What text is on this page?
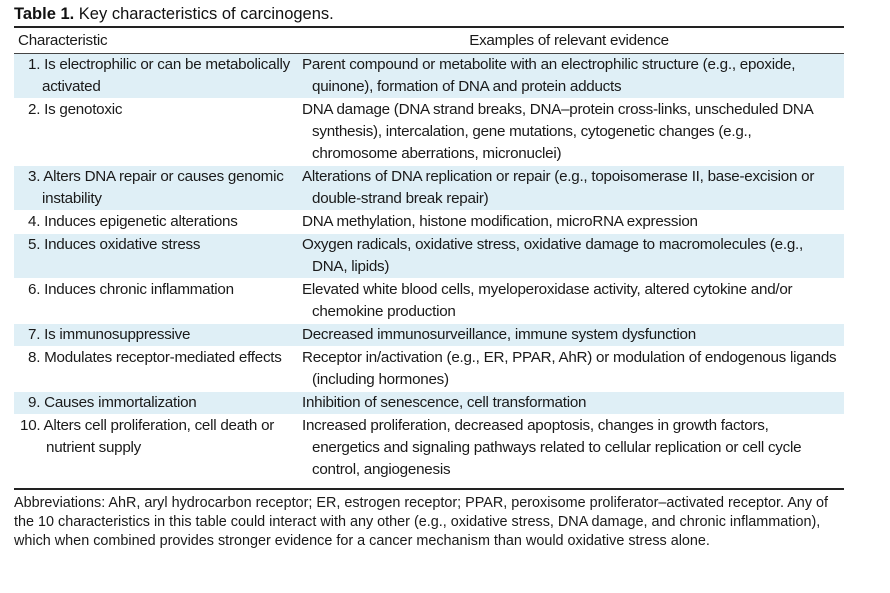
Table 1. Key characteristics of carcinogens.
Characteristic	Examples of relevant evidence

1. Is electrophilic or can be metabolically activated	Parent compound or metabolite with an electrophilic structure (e.g., epoxide, quinone), formation of DNA and protein adducts

2. Is genotoxic	DNA damage (DNA strand breaks, DNA–protein cross-links, unscheduled DNA synthesis), intercalation, gene mutations, cytogenetic changes (e.g., chromosome aberrations, micronuclei)

3. Alters DNA repair or causes genomic instability	Alterations of DNA replication or repair (e.g., topoisomerase II, base-excision or double-strand break repair)

4. Induces epigenetic alterations	DNA methylation, histone modification, microRNA expression

5. Induces oxidative stress	Oxygen radicals, oxidative stress, oxidative damage to macromolecules (e.g., DNA, lipids)

6. Induces chronic inflammation	Elevated white blood cells, myeloperoxidase activity, altered cytokine and/or chemokine production

7. Is immunosuppressive	Decreased immunosurveillance, immune system dysfunction

8. Modulates receptor-mediated effects	Receptor in/activation (e.g., ER, PPAR, AhR) or modulation of endogenous ligands (including hormones)

9. Causes immortalization	Inhibition of senescence, cell transformation

10. Alters cell proliferation, cell death or nutrient supply	Increased proliferation, decreased apoptosis, changes in growth factors, energetics and signaling pathways related to cellular replication or cell cycle control, angiogenesis
Abbreviations: AhR, aryl hydrocarbon receptor; ER, estrogen receptor; PPAR, peroxisome proliferator–activated receptor. Any of the 10 characteristics in this table could interact with any other (e.g., oxidative stress, DNA damage, and chronic inflammation), which when combined provides stronger evidence for a cancer mechanism than would oxidative stress alone.
